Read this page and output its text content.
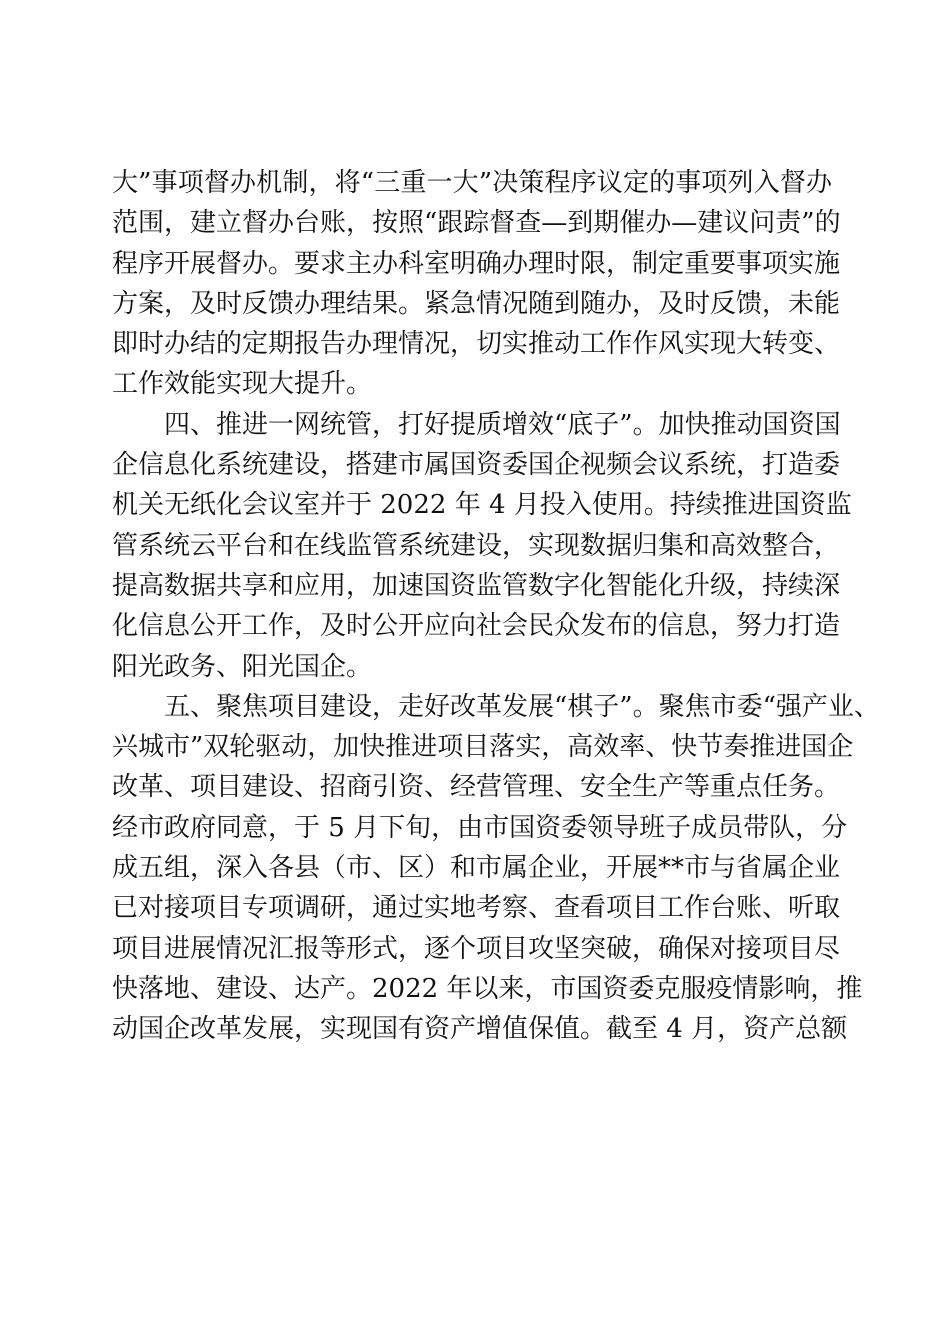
大”事项督办机制，将“三重一大”决策程序议定的事项列入督办
范围，建立督办台账，按照“跟踪督查—到期催办—建议问责”的
程序开展督办。要求主办科室明确办理时限，制定重要事项实施
方案，及时反馈办理结果。紧急情况随到随办，及时反馈，未能
即时办结的定期报告办理情况，切实推动工作作风实现大转变、
工作效能实现大提升。
四、推进一网统管，打好提质增效“底子”。加快推动国资国
企信息化系统建设，搭建市属国资委国企视频会议系统，打造委
机关无纸化会议室并于 2022 年 4 月投入使用。持续推进国资监
管系统云平台和在线监管系统建设，实现数据归集和高效整合，
提高数据共享和应用，加速国资监管数字化智能化升级，持续深
化信息公开工作，及时公开应向社会民众发布的信息，努力打造
阳光政务、阳光国企。
五、聚焦项目建设，走好改革发展“棋子”。聚焦市委“强产业、
兴城市”双轮驱动，加快推进项目落实，高效率、快节奏推进国企
改革、项目建设、招商引资、经营管理、安全生产等重点任务。
经市政府同意，于 5 月下旬，由市国资委领导班子成员带队，分
成五组，深入各县（市、区）和市属企业，开展**市与省属企业
已对接项目专项调研，通过实地考察、查看项目工作台账、听取
项目进展情况汇报等形式，逐个项目攻坚突破，确保对接项目尽
快落地、建设、达产。2022 年以来，市国资委克服疫情影响，推
动国企改革发展，实现国有资产增值保值。截至 4 月，资产总额
